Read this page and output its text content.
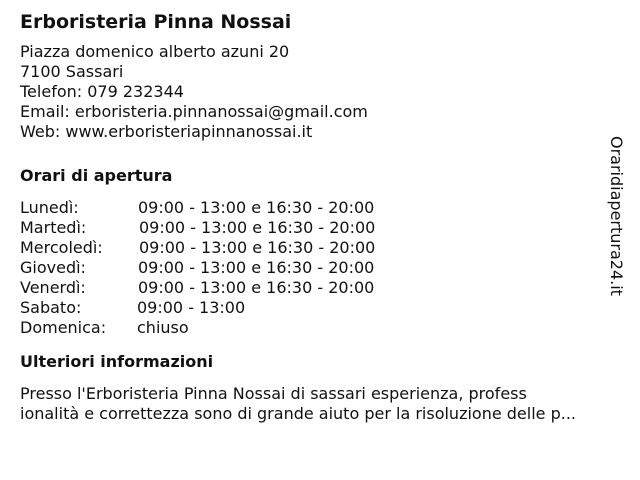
Erboristeria Pinna Nossai
Piazza domenico alberto azuni 20
7100 Sassari
Telefon: 079 232344
Email: erboristeria.pinnanossai@gmail.com
Web: www.erboristeriapinnanossai.it
Orari di apertura
Lunedì:	09:00 - 13:00 e 16:30 - 20:00
Martedì:	09:00 - 13:00 e 16:30 - 20:00
Mercoledì: 09:00 - 13:00 e 16:30 - 20:00
Giovedì:	09:00 - 13:00 e 16:30 - 20:00
Venerdì:	09:00 - 13:00 e 16:30 - 20:00
Sabato:	09:00 - 13:00
Domenica: chiuso
Ulteriori informazioni
Presso l'Erboristeria Pinna Nossai di sassari esperienza, profess
ionalità e correttezza sono di grande aiuto per la risoluzione delle p...
Oraridiapertura24.it
